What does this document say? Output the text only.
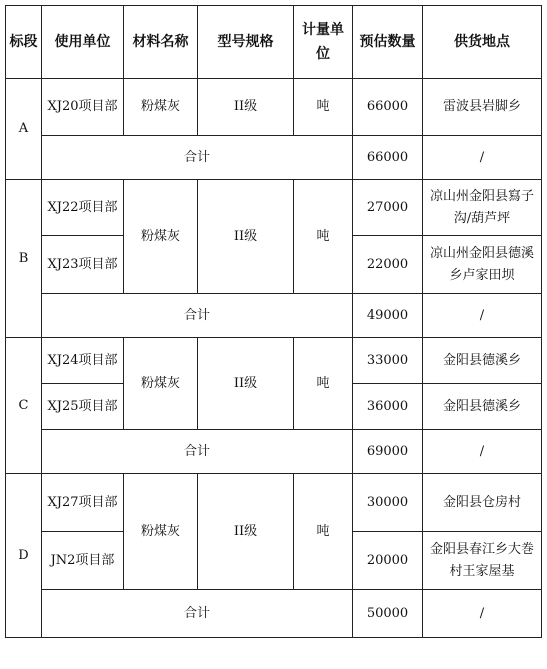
标段	使用单位	材料名称	型号规格	计量单位	预估数量	供货地点
A	XJ20项目部	粉煤灰	II级	吨	66000	雷波县岩脚乡
	合计				66000	/
B	XJ22项目部	粉煤灰	II级	吨	27000	凉山州金阳县寫子沟/葫芦坪
	XJ23项目部				22000	凉山州金阳县德溪乡卢家田坝
	合计				49000	/
C	XJ24项目部	粉煤灰	II级	吨	33000	金阳县德溪乡
	XJ25项目部				36000	金阳县德溪乡
	合计				69000	/
D	XJ27项目部	粉煤灰	II级	吨	30000	金阳县仓房村
	JN2项目部				20000	金阳县春江乡大巻村王家屋基
	合计				50000	/
